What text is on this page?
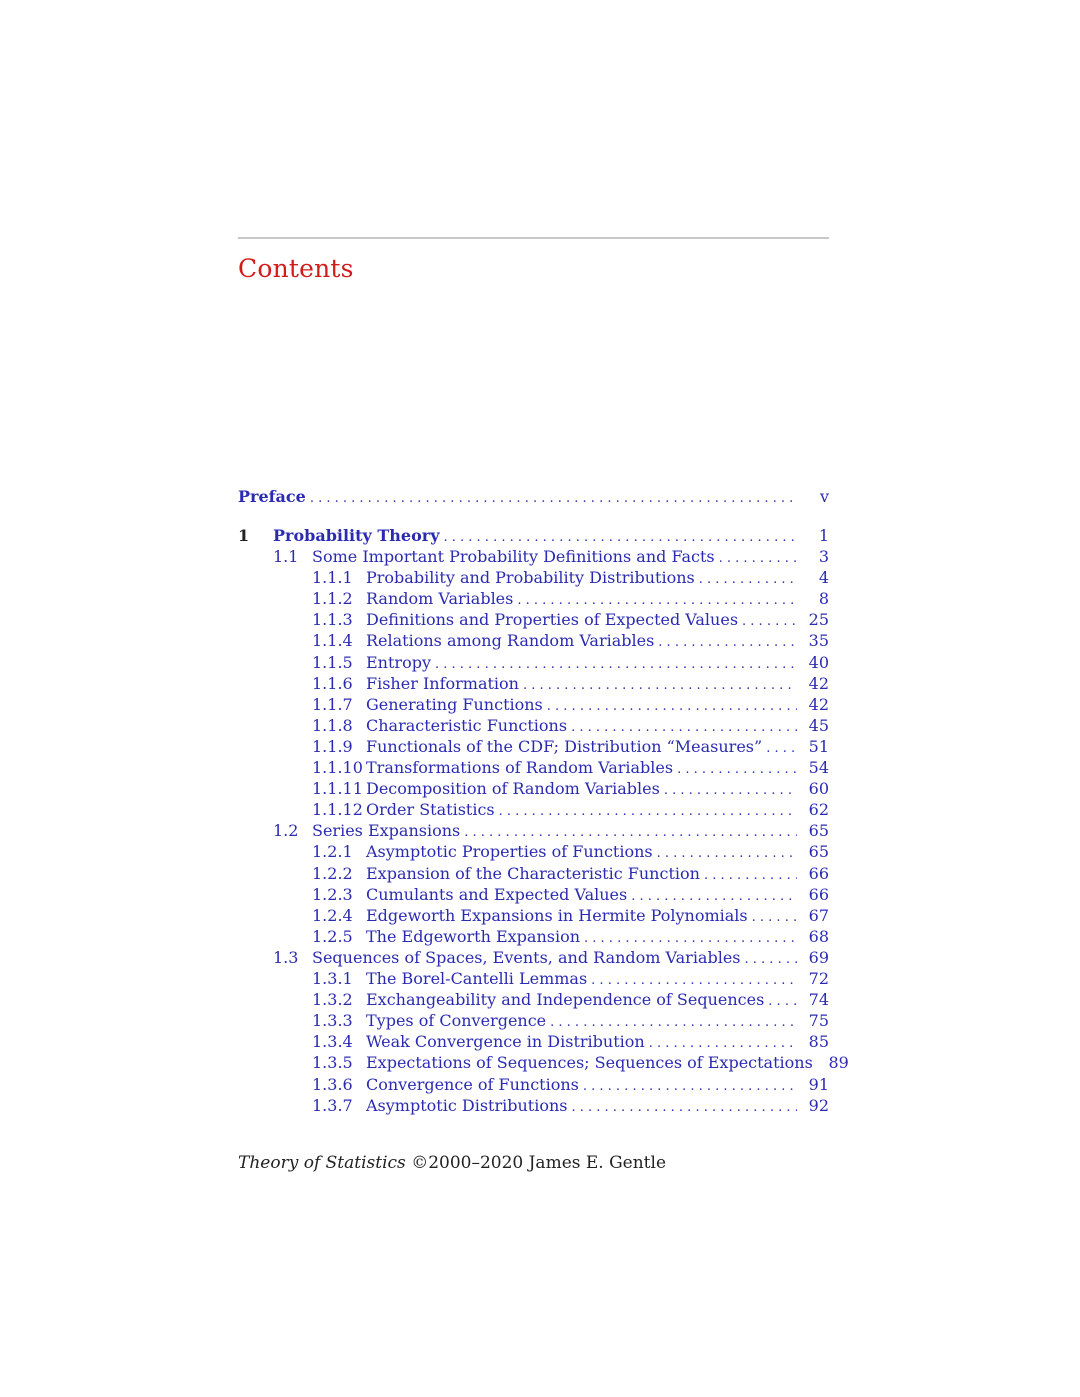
Contents
Preface . . .	v
1	Probability Theory . . .	1
1.1 Some Important Probability Definitions and Facts . . .	3
1.1.1 Probability and Probability Distributions . . .	4
1.1.2 Random Variables . . .	8
1.1.3 Definitions and Properties of Expected Values . . .	25
1.1.4 Relations among Random Variables . . .	35
1.1.5 Entropy . . .	40
1.1.6 Fisher Information . . .	42
1.1.7 Generating Functions . . .	42
1.1.8 Characteristic Functions . . .	45
1.1.9 Functionals of the CDF; Distribution “Measures” . . .	51
1.1.10 Transformations of Random Variables . . .	54
1.1.11 Decomposition of Random Variables . . .	60
1.1.12 Order Statistics . . .	62
1.2 Series Expansions . . .	65
1.2.1 Asymptotic Properties of Functions . . .	65
1.2.2 Expansion of the Characteristic Function . . .	66
1.2.3 Cumulants and Expected Values . . .	66
1.2.4 Edgeworth Expansions in Hermite Polynomials . . .	67
1.2.5 The Edgeworth Expansion . . .	68
1.3 Sequences of Spaces, Events, and Random Variables . . .	69
1.3.1 The Borel-Cantelli Lemmas . . .	72
1.3.2 Exchangeability and Independence of Sequences . . .	74
1.3.3 Types of Convergence . . .	75
1.3.4 Weak Convergence in Distribution . . .	85
1.3.5 Expectations of Sequences; Sequences of Expectations 89
1.3.6 Convergence of Functions . . .	91
1.3.7 Asymptotic Distributions . . .	92
Theory of Statistics ©2000–2020 James E. Gentle
